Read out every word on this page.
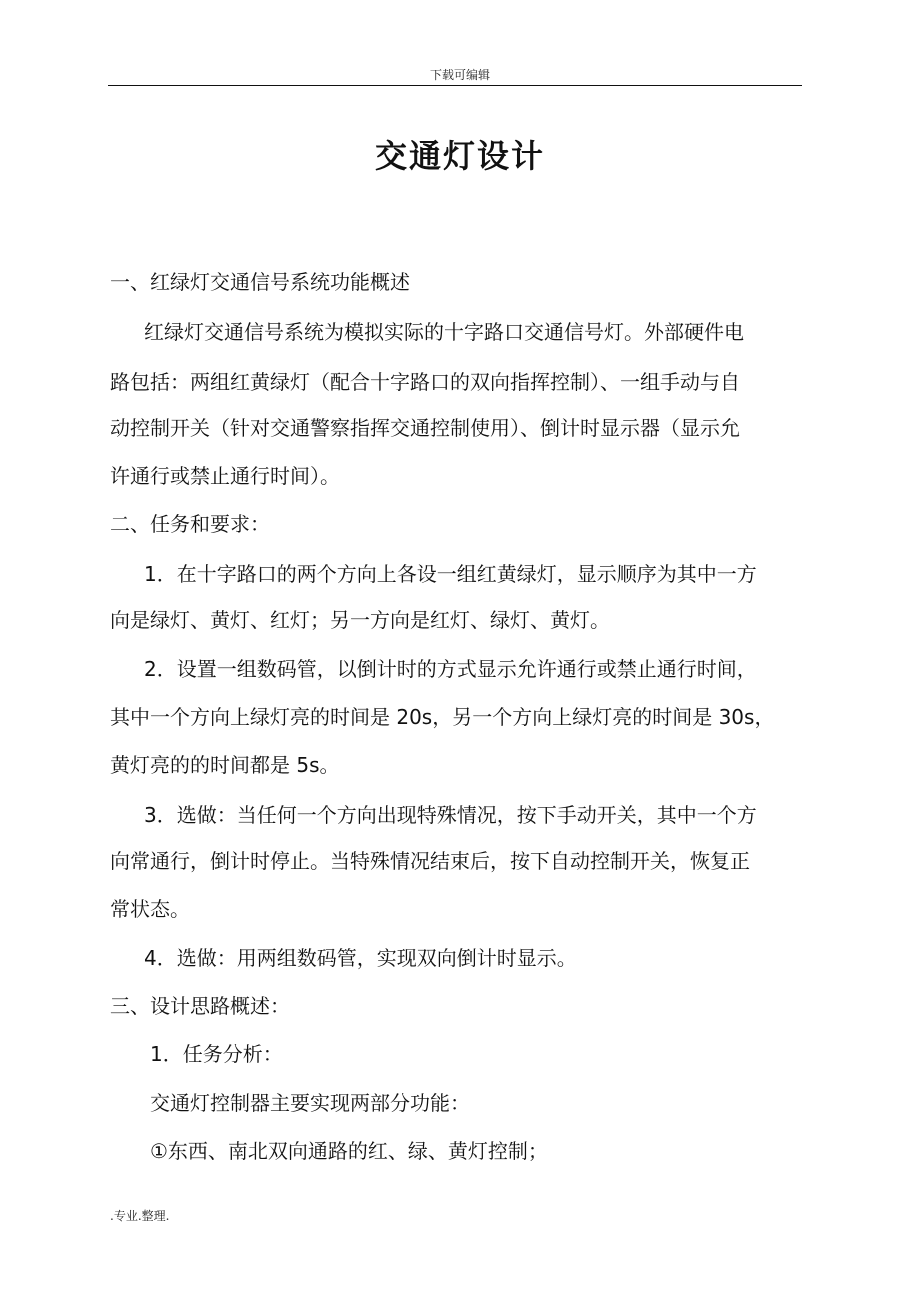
下载可编辑
交通灯设计
一、红绿灯交通信号系统功能概述
红绿灯交通信号系统为模拟实际的十字路口交通信号灯。外部硬件电
路包括：两组红黄绿灯（配合十字路口的双向指挥控制）、一组手动与自
动控制开关（针对交通警察指挥交通控制使用）、倒计时显示器（显示允
许通行或禁止通行时间）。
二、任务和要求：
1．在十字路口的两个方向上各设一组红黄绿灯，显示顺序为其中一方
向是绿灯、黄灯、红灯；另一方向是红灯、绿灯、黄灯。
2．设置一组数码管，以倒计时的方式显示允许通行或禁止通行时间，
其中一个方向上绿灯亮的时间是 20s，另一个方向上绿灯亮的时间是 30s，
黄灯亮的的时间都是 5s。
3．选做：当任何一个方向出现特殊情况，按下手动开关，其中一个方
向常通行，倒计时停止。当特殊情况结束后，按下自动控制开关，恢复正
常状态。
4．选做：用两组数码管，实现双向倒计时显示。
三、设计思路概述：
1．任务分析：
交通灯控制器主要实现两部分功能：
①东西、南北双向通路的红、绿、黄灯控制；
.专业.整理.
